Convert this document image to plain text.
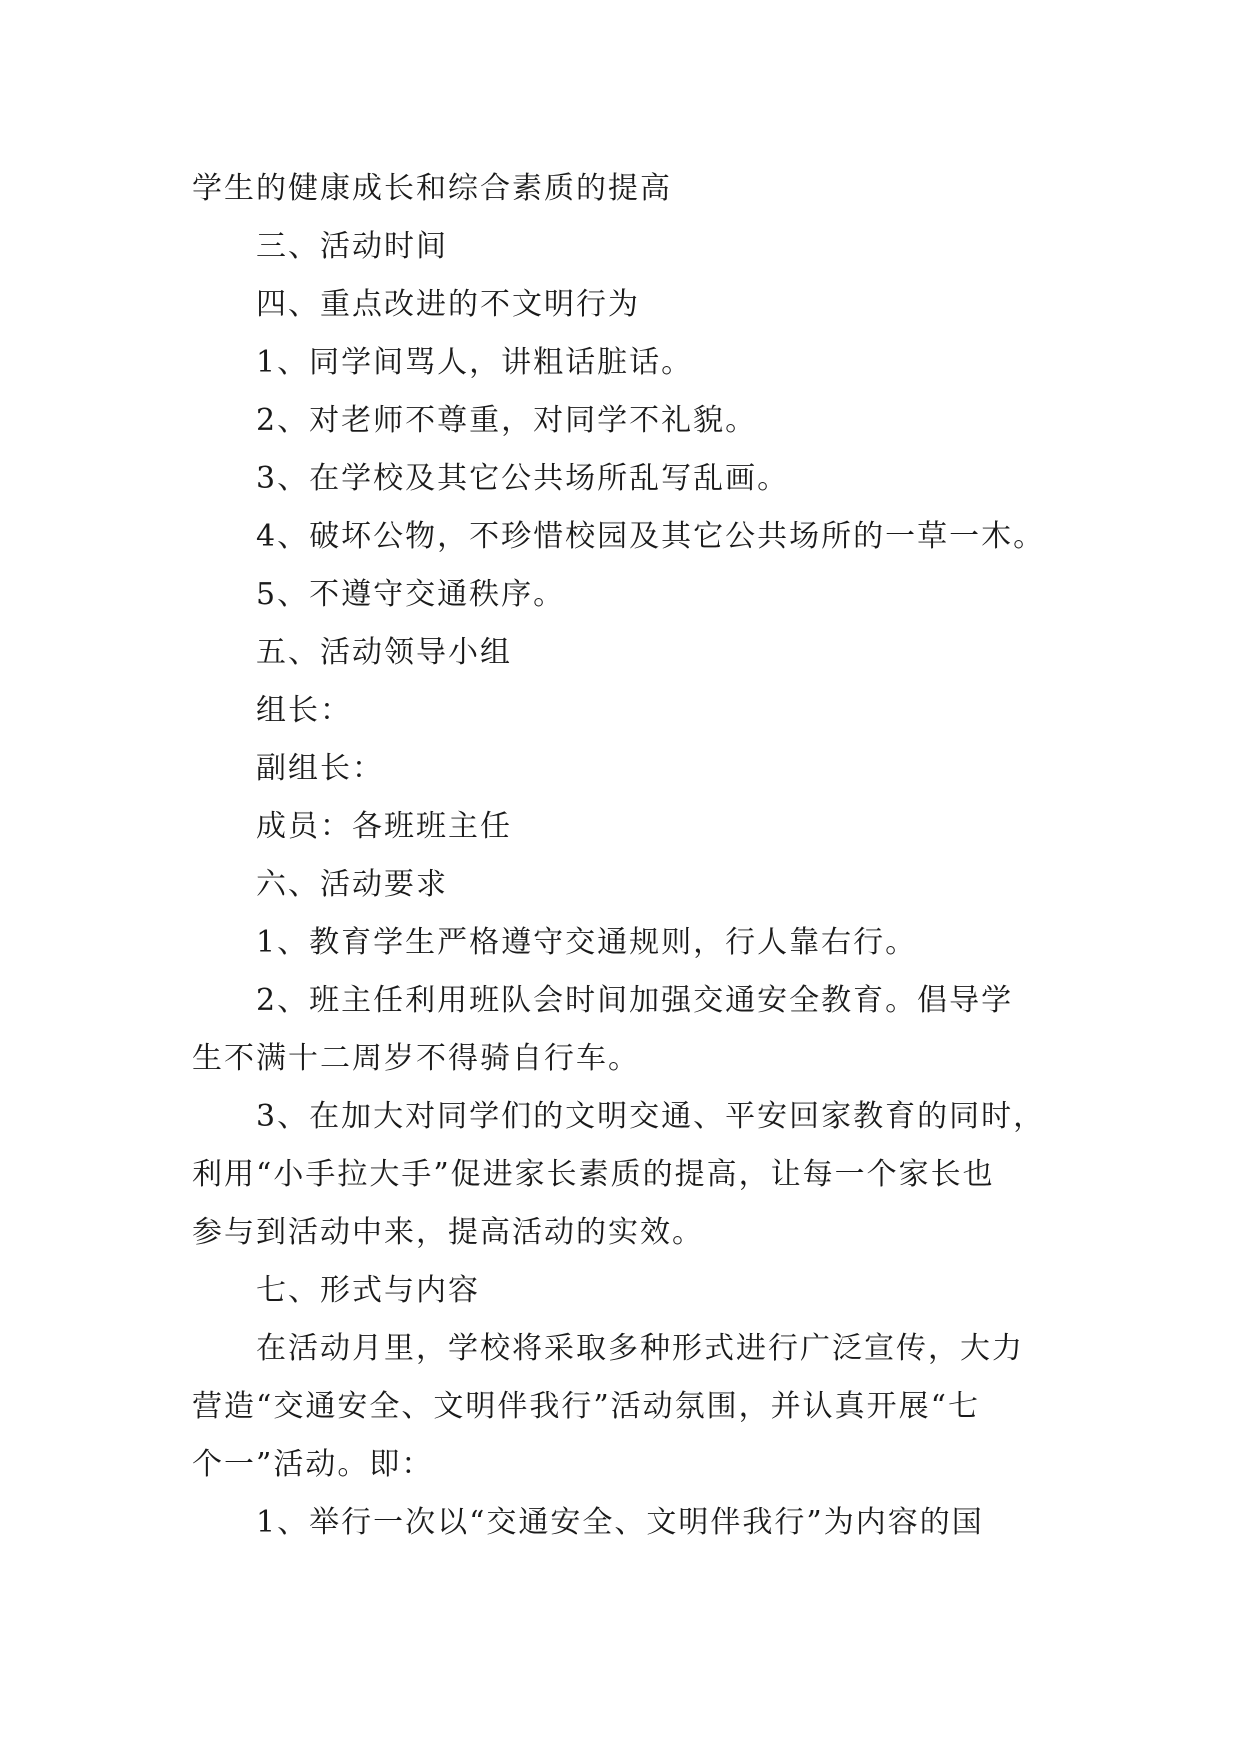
学生的健康成长和综合素质的提高

三、活动时间

四、重点改进的不文明行为

1、同学间骂人，讲粗话脏话。

2、对老师不尊重，对同学不礼貌。

3、在学校及其它公共场所乱写乱画。

4、破坏公物，不珍惜校园及其它公共场所的一草一木。

5、不遵守交通秩序。

五、活动领导小组

组长：

副组长：

成员：各班班主任

六、活动要求

1、教育学生严格遵守交通规则，行人靠右行。

2、班主任利用班队会时间加强交通安全教育。倡导学

生不满十二周岁不得骑自行车。

3、在加大对同学们的文明交通、平安回家教育的同时，

利用“小手拉大手”促进家长素质的提高，让每一个家长也

参与到活动中来，提高活动的实效。

七、形式与内容

在活动月里，学校将采取多种形式进行广泛宣传，大力

营造“交通安全、文明伴我行”活动氛围，并认真开展“七

个一”活动。即：

1、举行一次以“交通安全、文明伴我行”为内容的国
